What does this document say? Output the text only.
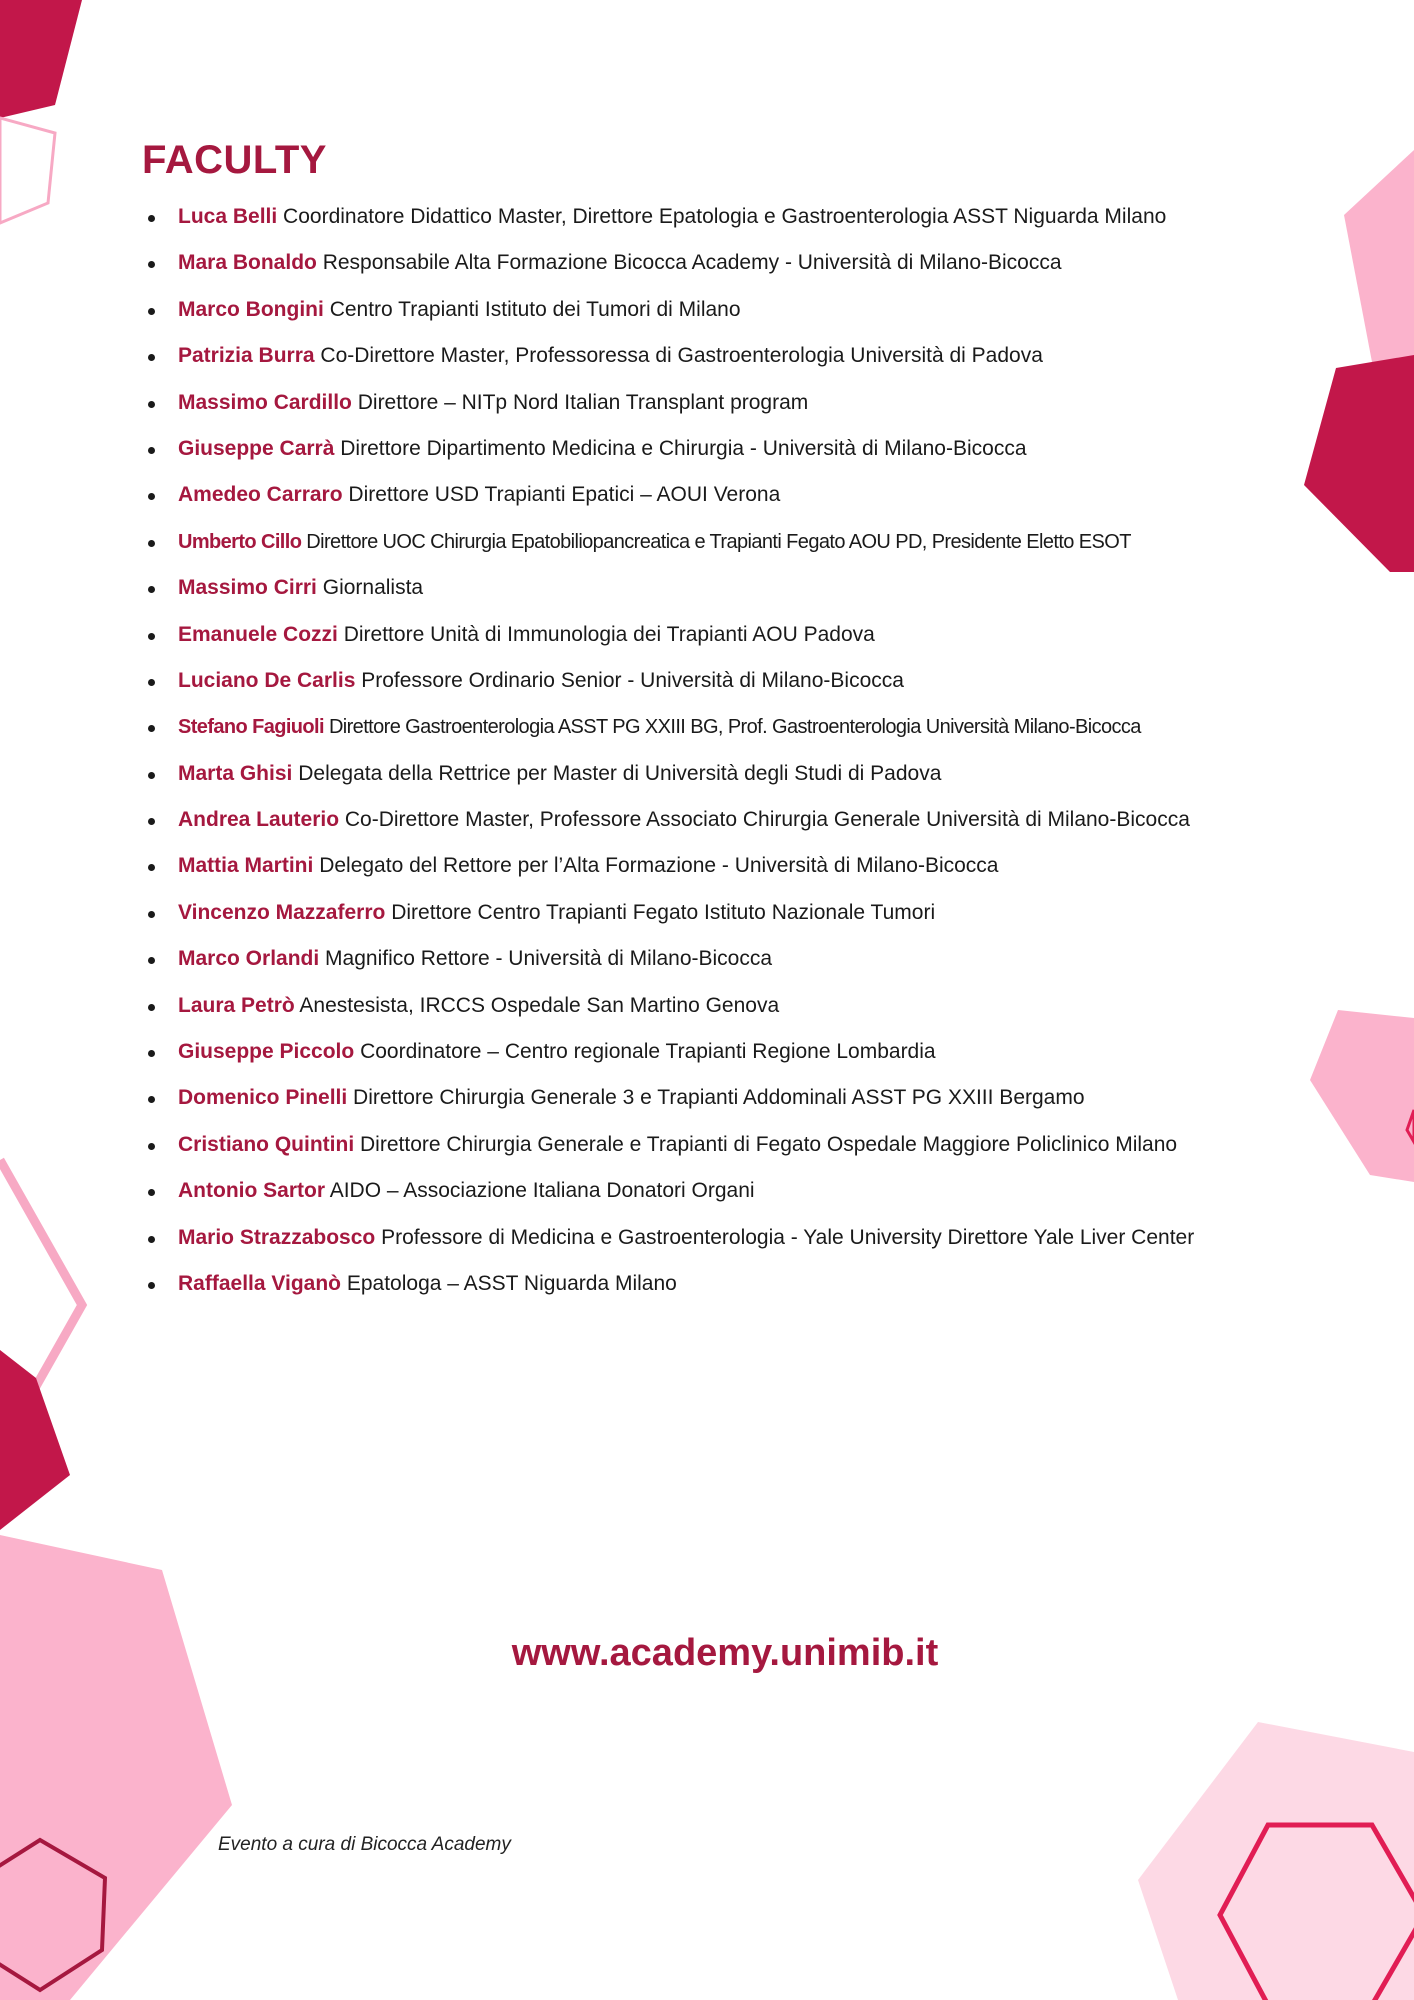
FACULTY
Luca Belli Coordinatore Didattico Master, Direttore Epatologia e Gastroenterologia ASST Niguarda Milano
Mara Bonaldo Responsabile Alta Formazione Bicocca Academy - Università di Milano-Bicocca
Marco Bongini Centro Trapianti Istituto dei Tumori di Milano
Patrizia Burra Co-Direttore Master, Professoressa di Gastroenterologia Università di Padova
Massimo Cardillo Direttore – NITp Nord Italian Transplant program
Giuseppe Carrà Direttore Dipartimento Medicina e Chirurgia - Università di Milano-Bicocca
Amedeo Carraro Direttore USD Trapianti Epatici – AOUI Verona
Umberto Cillo Direttore UOC Chirurgia Epatobiliopancreatica e Trapianti Fegato AOU PD, Presidente Eletto ESOT
Massimo Cirri Giornalista
Emanuele Cozzi Direttore Unità di Immunologia dei Trapianti AOU Padova
Luciano De Carlis Professore Ordinario Senior - Università di Milano-Bicocca
Stefano Fagiuoli Direttore Gastroenterologia ASST PG XXIII BG, Prof. Gastroenterologia Università Milano-Bicocca
Marta Ghisi Delegata della Rettrice per Master di Università degli Studi di Padova
Andrea Lauterio Co-Direttore Master, Professore Associato Chirurgia Generale Università di Milano-Bicocca
Mattia Martini Delegato del Rettore per l’Alta Formazione - Università di Milano-Bicocca
Vincenzo Mazzaferro Direttore Centro Trapianti Fegato Istituto Nazionale Tumori
Marco Orlandi Magnifico Rettore - Università di Milano-Bicocca
Laura Petrò Anestesista, IRCCS Ospedale San Martino Genova
Giuseppe Piccolo Coordinatore – Centro regionale Trapianti Regione Lombardia
Domenico Pinelli Direttore Chirurgia Generale 3 e Trapianti Addominali ASST PG XXIII Bergamo
Cristiano Quintini Direttore Chirurgia Generale e Trapianti di Fegato Ospedale Maggiore Policlinico Milano
Antonio Sartor AIDO – Associazione Italiana Donatori Organi
Mario Strazzabosco Professore di Medicina e Gastroenterologia - Yale University Direttore Yale Liver Center
Raffaella Viganò Epatologa – ASST Niguarda Milano
www.academy.unimib.it
Evento a cura di Bicocca Academy
